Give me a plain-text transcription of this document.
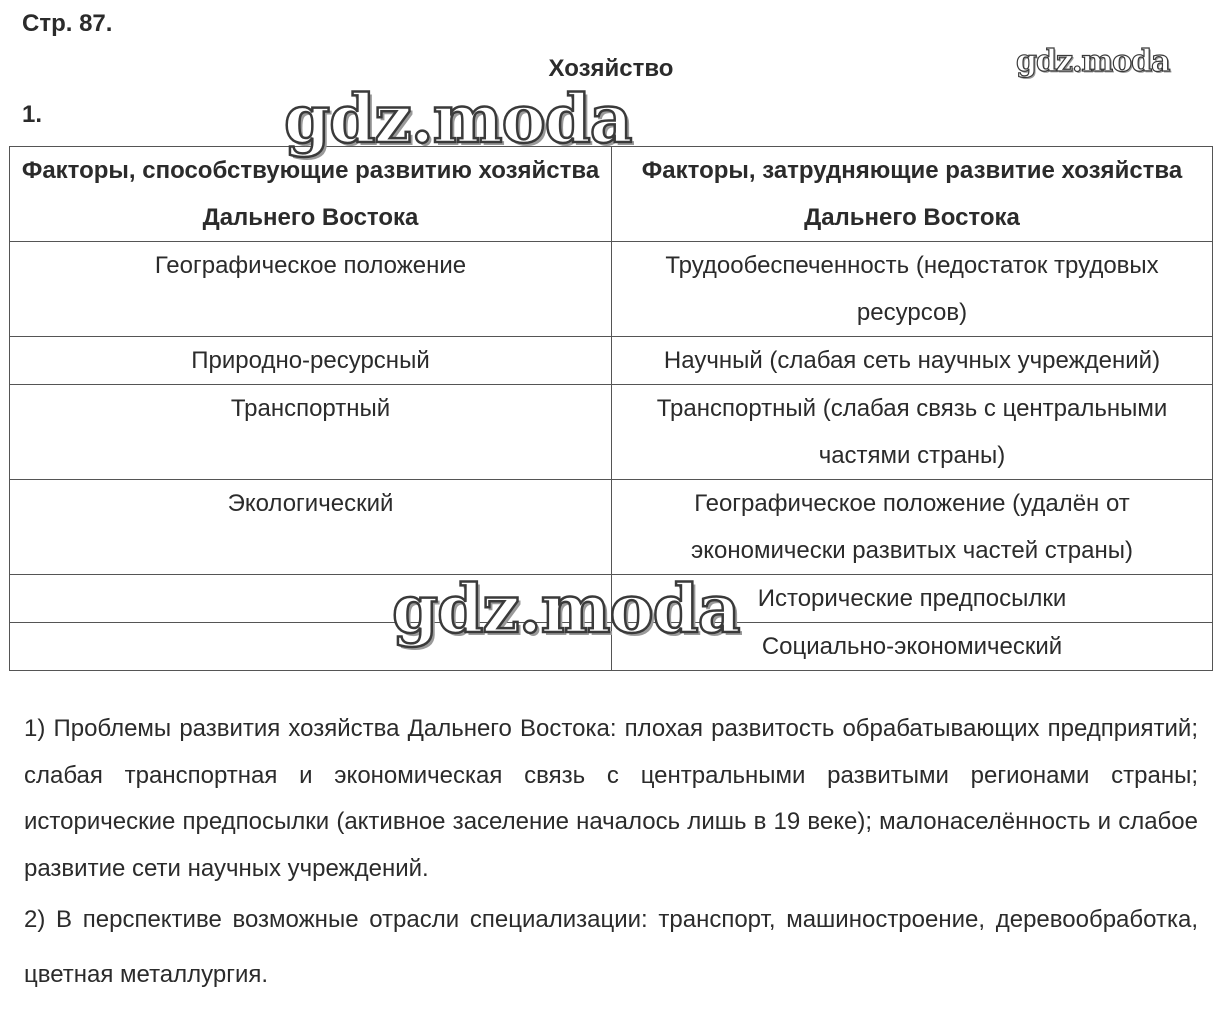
Стр. 87.
Хозяйство
1.
gdz.moda
gdz.moda
gdz.moda
Факторы, способствующие развитию хозяйства Дальнего Востока	Факторы, затрудняющие развитие хозяйства Дальнего Востока
Географическое положение	Трудообеспеченность (недостаток трудовых ресурсов)
Природно-ресурсный	Научный (слабая сеть научных учреждений)
Транспортный	Транспортный (слабая связь с центральными частями страны)
Экологический	Географическое положение (удалён от экономически развитых частей страны)
	Исторические предпосылки
	Социально-экономический
1) Проблемы развития хозяйства Дальнего Востока: плохая развитость обрабатывающих предприятий; слабая транспортная и экономическая связь с центральными развитыми регионами страны; исторические предпосылки (активное заселение началось лишь в 19 веке); малонаселённость и слабое развитие сети научных учреждений.
2) В перспективе возможные отрасли специализации: транспорт, машиностроение, деревообработка, цветная металлургия.
